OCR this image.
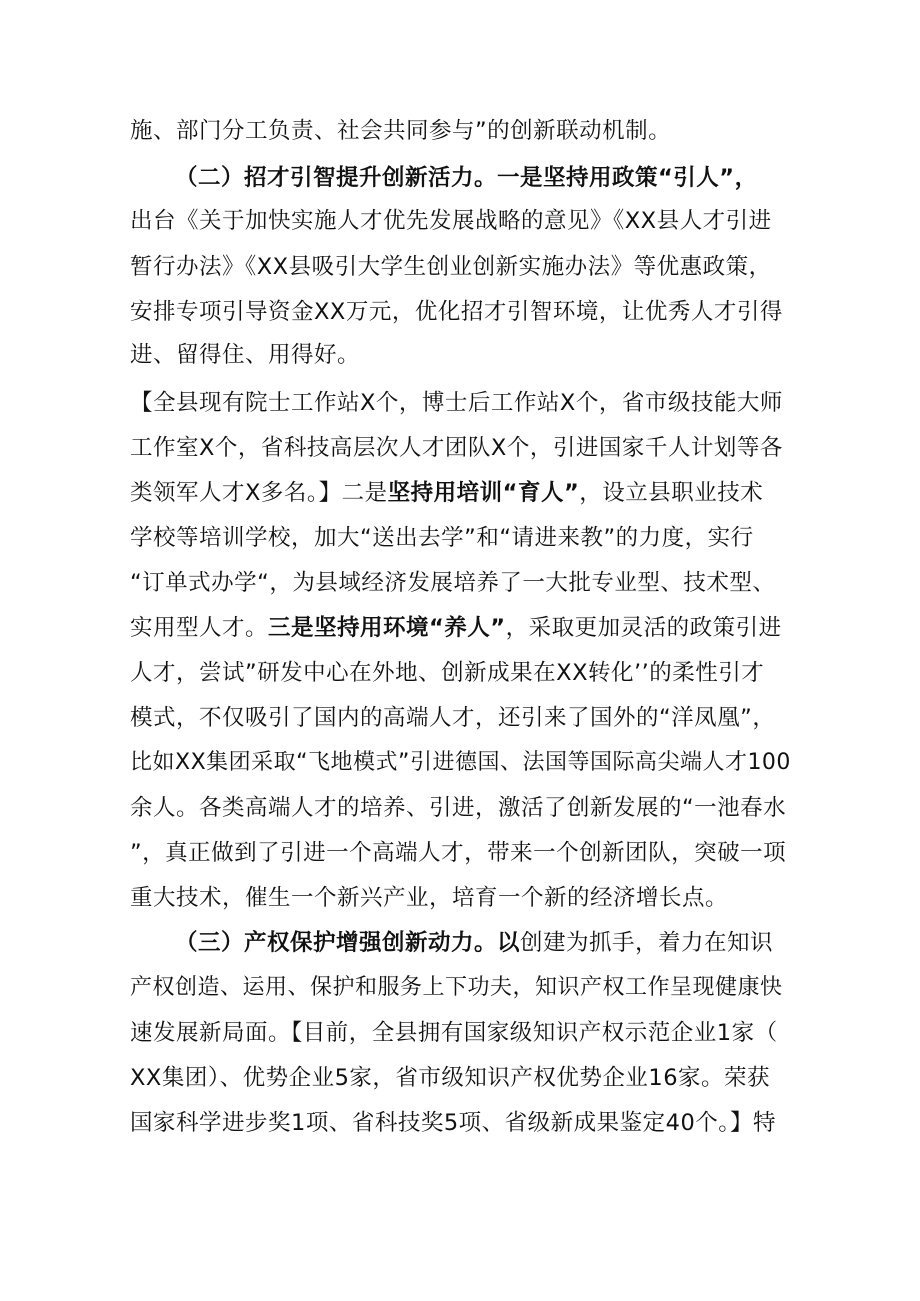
施、部门分工负责、社会共同参与”的创新联动机制。
（二）招才引智提升创新活力。一是坚持用政策“引人”，
出台《关于加快实施人才优先发展战略的意见》《XX县人才引进
暂行办法》《XX县吸引大学生创业创新实施办法》等优惠政策，
安排专项引导资金XX万元，优化招才引智环境，让优秀人才引得
进、留得住、用得好。
【全县现有院士工作站X个，博士后工作站X个，省市级技能大师
工作室X个，省科技高层次人才团队X个，引进国家千人计划等各
类领军人才X多名。】二是坚持用培训“育人”，设立县职业技术
学校等培训学校，加大“送出去学”和“请进来教”的力度，实行
“订单式办学“，为县域经济发展培养了一大批专业型、技术型、
实用型人才。三是坚持用环境“养人”，采取更加灵活的政策引进
人才，尝试”研发中心在外地、创新成果在XX转化’’的柔性引才
模式，不仅吸引了国内的高端人才，还引来了国外的“洋凤凰”，
比如XX集团采取“飞地模式”引进德国、法国等国际高尖端人才100
余人。各类高端人才的培养、引进，激活了创新发展的“一池春水
”，真正做到了引进一个高端人才，带来一个创新团队，突破一项
重大技术，催生一个新兴产业，培育一个新的经济增长点。
（三）产权保护增强创新动力。以创建为抓手，着力在知识
产权创造、运用、保护和服务上下功夫，知识产权工作呈现健康快
速发展新局面。【目前，全县拥有国家级知识产权示范企业1家（
XX集团）、优势企业5家，省市级知识产权优势企业16家。荣获
国家科学进步奖1项、省科技奖5项、省级新成果鉴定40个。】特
